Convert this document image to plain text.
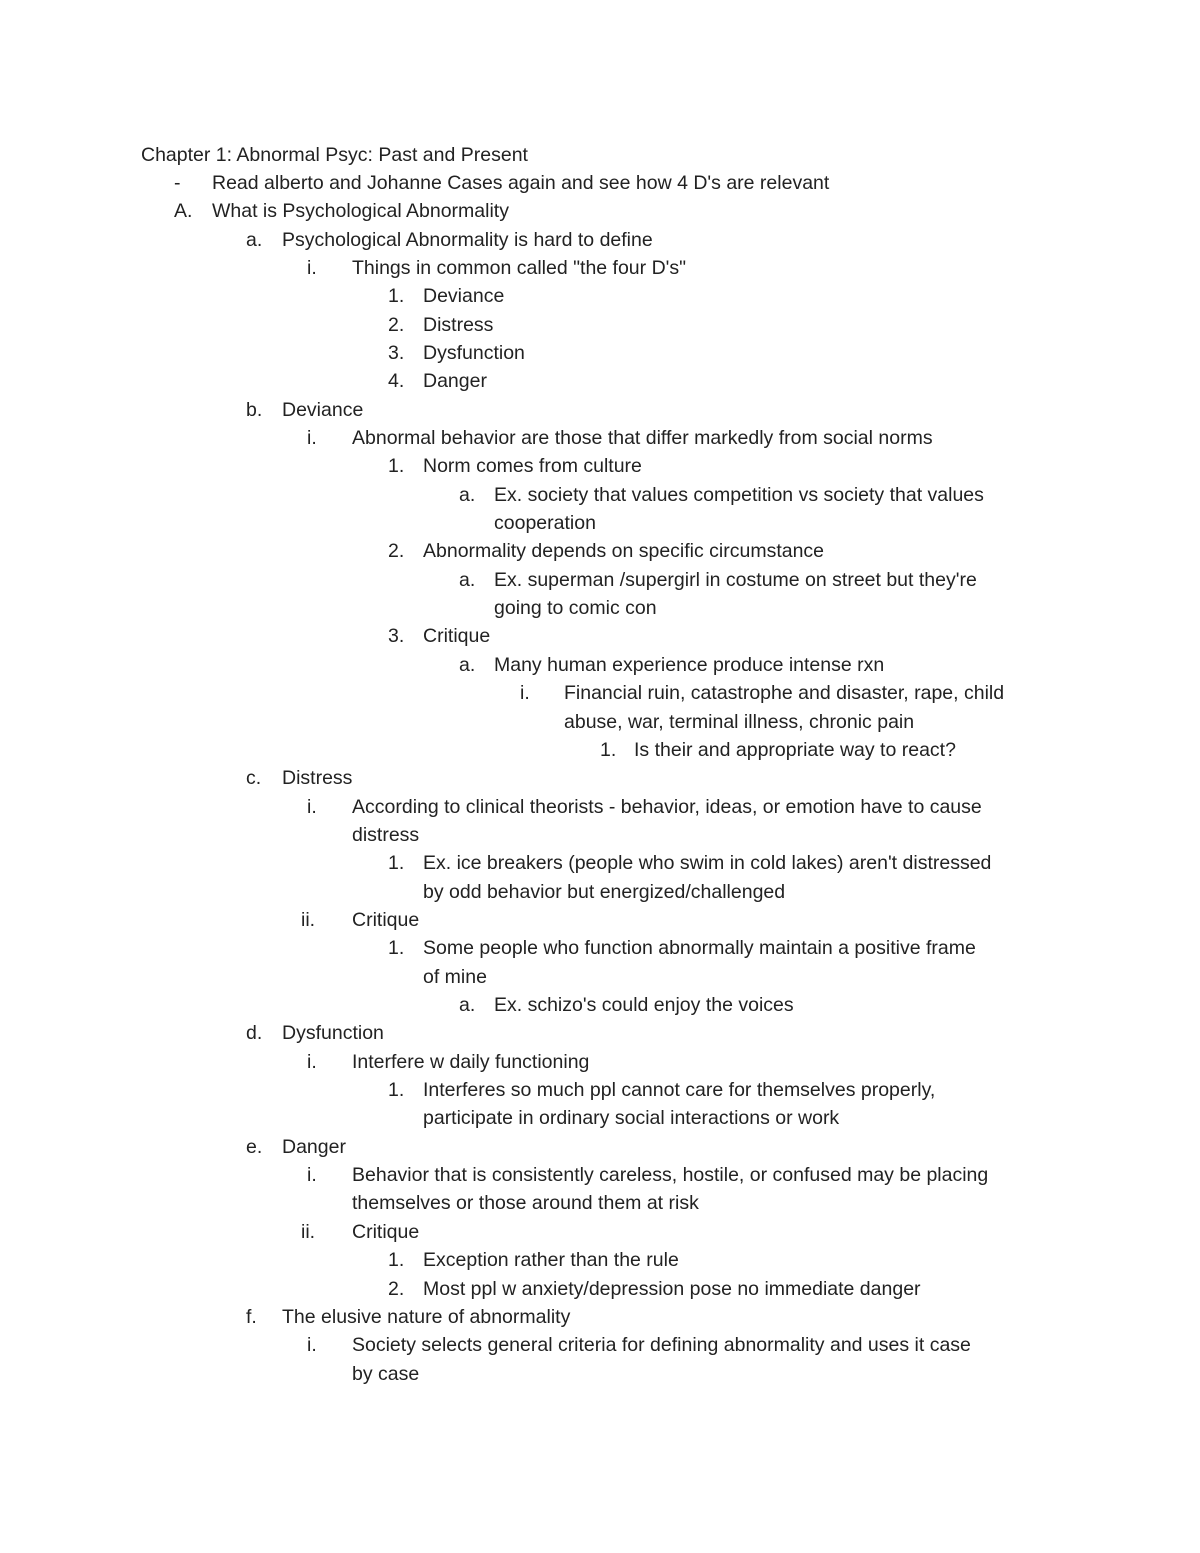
Chapter 1: Abnormal Psyc: Past and Present
- Read alberto and Johanne Cases again and see how 4 D's are relevant
A. What is Psychological Abnormality
a. Psychological Abnormality is hard to define
i. Things in common called "the four D's"
1. Deviance
2. Distress
3. Dysfunction
4. Danger
b. Deviance
i. Abnormal behavior are those that differ markedly from social norms
1. Norm comes from culture
a. Ex. society that values competition vs society that values
cooperation
2. Abnormality depends on specific circumstance
a. Ex. superman /supergirl in costume on street but they're
going to comic con
3. Critique
a. Many human experience produce intense rxn
i. Financial ruin, catastrophe and disaster, rape, child
abuse, war, terminal illness, chronic pain
1. Is their and appropriate way to react?
c. Distress
i. According to clinical theorists - behavior, ideas, or emotion have to cause
distress
1. Ex. ice breakers (people who swim in cold lakes) aren't distressed
by odd behavior but energized/challenged
ii. Critique
1. Some people who function abnormally maintain a positive frame
of mine
a. Ex. schizo's could enjoy the voices
d. Dysfunction
i. Interfere w daily functioning
1. Interferes so much ppl cannot care for themselves properly,
participate in ordinary social interactions or work
e. Danger
i. Behavior that is consistently careless, hostile, or confused may be placing
themselves or those around them at risk
ii. Critique
1. Exception rather than the rule
2. Most ppl w anxiety/depression pose no immediate danger
f. The elusive nature of abnormality
i. Society selects general criteria for defining abnormality and uses it case
by case
